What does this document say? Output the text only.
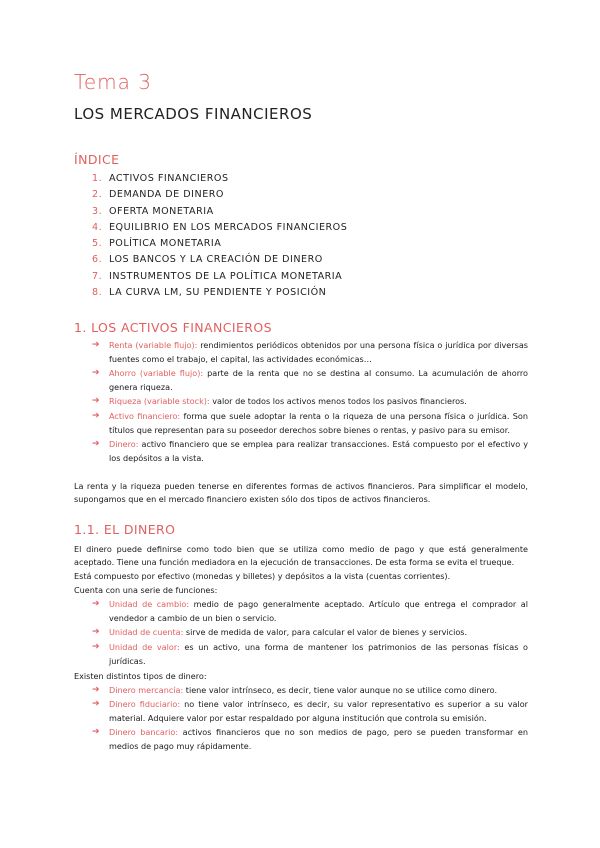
Tema 3
LOS MERCADOS FINANCIEROS
ÍNDICE
1. ACTIVOS FINANCIEROS
2. DEMANDA DE DINERO
3. OFERTA MONETARIA
4. EQUILIBRIO EN LOS MERCADOS FINANCIEROS
5. POLÍTICA MONETARIA
6. LOS BANCOS Y LA CREACIÓN DE DINERO
7. INSTRUMENTOS DE LA POLÍTICA MONETARIA
8. LA CURVA LM, SU PENDIENTE Y POSICIÓN
1. LOS ACTIVOS FINANCIEROS
➔ Renta (variable flujo): rendimientos periódicos obtenidos por una persona física o jurídica por diversas fuentes como el trabajo, el capital, las actividades económicas…
➔ Ahorro (variable flujo): parte de la renta que no se destina al consumo. La acumulación de ahorro genera riqueza.
➔ Riqueza (variable stock): valor de todos los activos menos todos los pasivos financieros.
➔ Activo financiero: forma que suele adoptar la renta o la riqueza de una persona física o jurídica. Son títulos que representan para su poseedor derechos sobre bienes o rentas, y pasivo para su emisor.
➔ Dinero: activo financiero que se emplea para realizar transacciones. Está compuesto por el efectivo y los depósitos a la vista.
La renta y la riqueza pueden tenerse en diferentes formas de activos financieros. Para simplificar el modelo, supongamos que en el mercado financiero existen sólo dos tipos de activos financieros.
1.1. EL DINERO
El dinero puede definirse como todo bien que se utiliza como medio de pago y que está generalmente aceptado. Tiene una función mediadora en la ejecución de transacciones. De esta forma se evita el trueque.
Está compuesto por efectivo (monedas y billetes) y depósitos a la vista (cuentas corrientes).
Cuenta con una serie de funciones:
➔ Unidad de cambio: medio de pago generalmente aceptado. Artículo que entrega el comprador al vendedor a cambio de un bien o servicio.
➔ Unidad de cuenta: sirve de medida de valor, para calcular el valor de bienes y servicios.
➔ Unidad de valor: es un activo, una forma de mantener los patrimonios de las personas físicas o jurídicas.
Existen distintos tipos de dinero:
➔ Dinero mercancía: tiene valor intrínseco, es decir, tiene valor aunque no se utilice como dinero.
➔ Dinero fiduciario: no tiene valor intrínseco, es decir, su valor representativo es superior a su valor material. Adquiere valor por estar respaldado por alguna institución que controla su emisión.
➔ Dinero bancario: activos financieros que no son medios de pago, pero se pueden transformar en medios de pago muy rápidamente.
